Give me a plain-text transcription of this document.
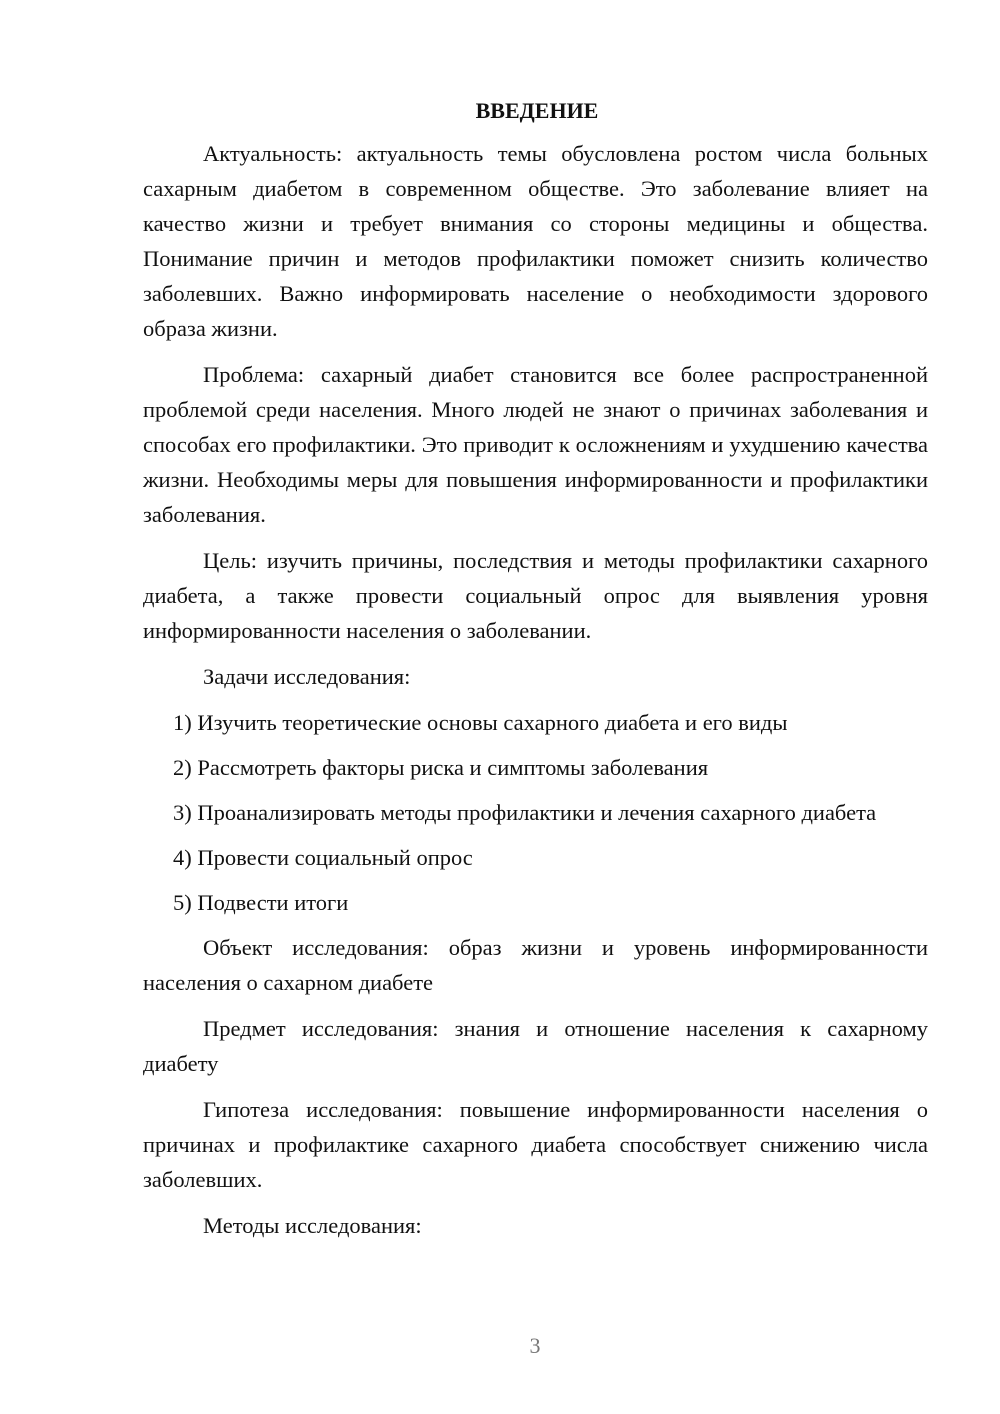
ВВЕДЕНИЕ

Актуальность: актуальность темы обусловлена ростом числа больных сахарным диабетом в современном обществе. Это заболевание влияет на качество жизни и требует внимания со стороны медицины и общества. Понимание причин и методов профилактики поможет снизить количество заболевших. Важно информировать население о необходимости здорового образа жизни.

Проблема: сахарный диабет становится все более распространенной проблемой среди населения. Много людей не знают о причинах заболевания и способах его профилактики. Это приводит к осложнениям и ухудшению качества жизни. Необходимы меры для повышения информированности и профилактики заболевания.

Цель: изучить причины, последствия и методы профилактики сахарного диабета, а также провести социальный опрос для выявления уровня информированности населения о заболевании.

Задачи исследования:

1) Изучить теоретические основы сахарного диабета и его виды

2) Рассмотреть факторы риска и симптомы заболевания

3) Проанализировать методы профилактики и лечения сахарного диабета

4) Провести социальный опрос

5) Подвести итоги

Объект исследования: образ жизни и уровень информированности населения о сахарном диабете

Предмет исследования: знания и отношение населения к сахарному диабету

Гипотеза исследования: повышение информированности населения о причинах и профилактике сахарного диабета способствует снижению числа заболевших.

Методы исследования:

3
